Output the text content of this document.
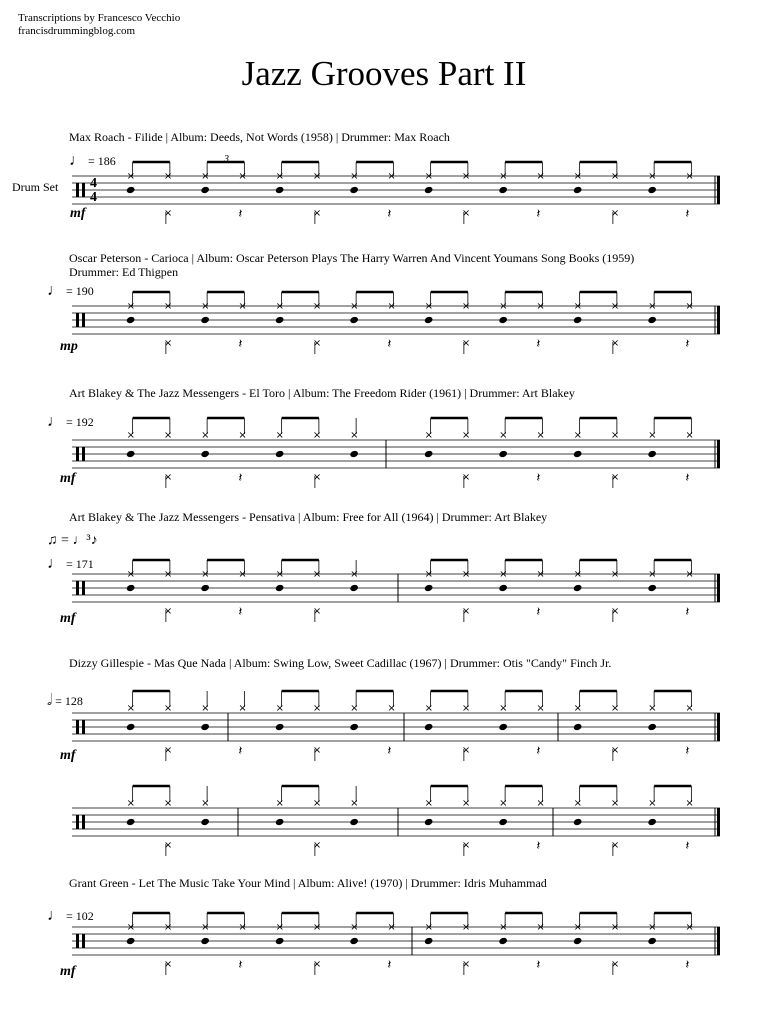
Transcriptions by Francesco Vecchio
francisdrummingblog.com
Jazz Grooves Part II
Max Roach - Filide | Album: Deeds, Not Words (1958) | Drummer: Max Roach
♩ = 186
Drum Set
mf
Oscar Peterson - Carioca | Album: Oscar Peterson Plays The Harry Warren And Vincent Youmans Song Books (1959)
Drummer: Ed Thigpen
♩ = 190
mp
Art Blakey & The Jazz Messengers - El Toro | Album: The Freedom Rider (1961) | Drummer: Art Blakey
♩ = 192
mf
Art Blakey & The Jazz Messengers - Pensativa | Album: Free for All (1964) | Drummer: Art Blakey
♫ = ♩³♪
♩ = 171
mf
Dizzy Gillespie - Mas Que Nada | Album: Swing Low, Sweet Cadillac (1967) | Drummer: Otis "Candy" Finch Jr.
𝅗𝅥 = 128
mf
Grant Green - Let The Music Take Your Mind | Album: Alive! (1970) | Drummer: Idris Muhammad
♩ = 102
mf
×	×
×
×	×
𝄽
×	×
×
×	×
𝄽
×	×
×
×	×
𝄽
×	×
×
×	×
𝄽
×	×
×
×	×
𝄽
×	×
×
×	×
𝄽
×	×
×
×	×
𝄽
×	×
×
×	×
𝄽
×	×
×
×	×
𝄽
×	×
×
×	×	×
×
×	×
𝄽
×	×
×
×	×
𝄽
×	×
×
×	×
𝄽
×	×
×
×	×	×
×
×	×
𝄽
×	×
×
×	×
𝄽
×	×
×
×	×
𝄽
×	×
×
×	×
𝄽
×	×
×
×	×
𝄽
×	×
×
×	×
𝄽
×	×
×
×	×	×
×
×	×	×
×
×	×
𝄽
×	×
×
×	×
𝄽
×	×
×
×	×
𝄽
×	×
×
×	×
𝄽
×	×
×
×	×
𝄽
×	×
×
×	×
𝄽
4
4
3
